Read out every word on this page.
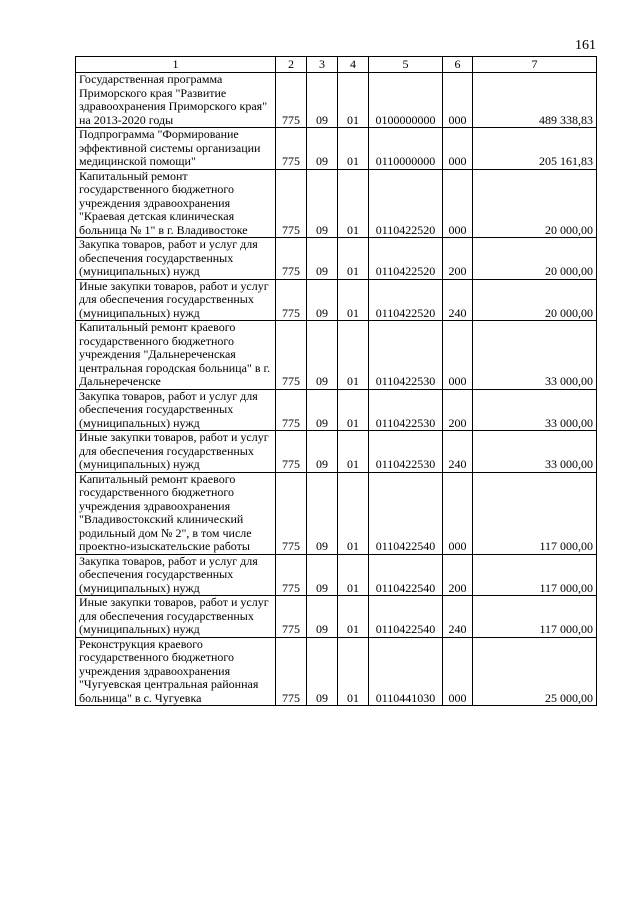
161
1	2	3	4	5	6	7
Государственная программа Приморского края "Развитие здравоохранения Приморского края" на 2013-2020 годы	775	09	01	0100000000	000	489 338,83
Подпрограмма "Формирование эффективной системы организации медицинской помощи"	775	09	01	0110000000	000	205 161,83
Капитальный ремонт государственного бюджетного учреждения здравоохранения "Краевая детская клиническая больница № 1" в г. Владивостоке	775	09	01	0110422520	000	20 000,00
Закупка товаров, работ и услуг для обеспечения государственных (муниципальных) нужд	775	09	01	0110422520	200	20 000,00
Иные закупки товаров, работ и услуг для обеспечения государственных (муниципальных) нужд	775	09	01	0110422520	240	20 000,00
Капитальный ремонт краевого государственного бюджетного учреждения "Дальнереченская центральная городская больница" в г. Дальнереченске	775	09	01	0110422530	000	33 000,00
Закупка товаров, работ и услуг для обеспечения государственных (муниципальных) нужд	775	09	01	0110422530	200	33 000,00
Иные закупки товаров, работ и услуг для обеспечения государственных (муниципальных) нужд	775	09	01	0110422530	240	33 000,00
Капитальный ремонт краевого государственного бюджетного учреждения здравоохранения "Владивостокский клинический родильный дом № 2", в том числе проектно-изыскательские работы	775	09	01	0110422540	000	117 000,00
Закупка товаров, работ и услуг для обеспечения государственных (муниципальных) нужд	775	09	01	0110422540	200	117 000,00
Иные закупки товаров, работ и услуг для обеспечения государственных (муниципальных) нужд	775	09	01	0110422540	240	117 000,00
Реконструкция краевого государственного бюджетного учреждения здравоохранения "Чугуевская центральная районная больница" в с. Чугуевка	775	09	01	0110441030	000	25 000,00
